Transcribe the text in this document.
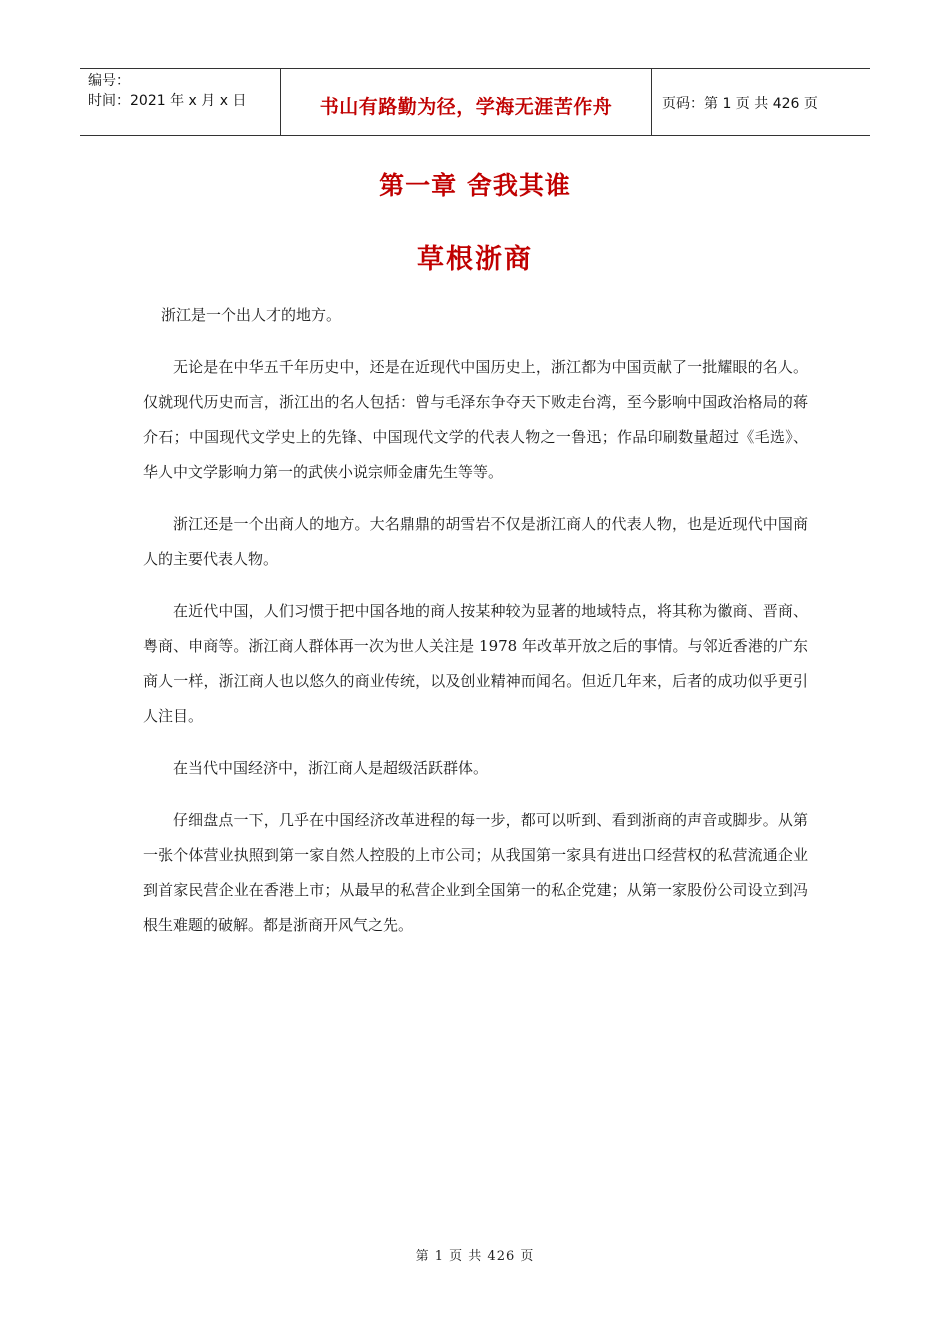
编号：
时间：2021 年 x 月 x 日	书山有路勤为径，学海无涯苦作舟	页码：第 1 页 共 426 页
第一章 舍我其谁
草根浙商

浙江是一个出人才的地方。

无论是在中华五千年历史中，还是在近现代中国历史上，浙江都为中国贡献了一批耀眼的名人。仅就现代历史而言，浙江出的名人包括：曾与毛泽东争夺天下败走台湾，至今影响中国政治格局的蒋介石；中国现代文学史上的先锋、中国现代文学的代表人物之一鲁迅；作品印刷数量超过《毛选》、华人中文学影响力第一的武侠小说宗师金庸先生等等。

浙江还是一个出商人的地方。大名鼎鼎的胡雪岩不仅是浙江商人的代表人物，也是近现代中国商人的主要代表人物。

在近代中国，人们习惯于把中国各地的商人按某种较为显著的地域特点，将其称为徽商、晋商、粤商、申商等。浙江商人群体再一次为世人关注是 1978 年改革开放之后的事情。与邻近香港的广东商人一样，浙江商人也以悠久的商业传统，以及创业精神而闻名。但近几年来，后者的成功似乎更引人注目。

在当代中国经济中，浙江商人是超级活跃群体。

仔细盘点一下，几乎在中国经济改革进程的每一步，都可以听到、看到浙商的声音或脚步。从第一张个体营业执照到第一家自然人控股的上市公司；从我国第一家具有进出口经营权的私营流通企业到首家民营企业在香港上市；从最早的私营企业到全国第一的私企党建；从第一家股份公司设立到冯根生难题的破解。都是浙商开风气之先。

第 1 页 共 426 页
